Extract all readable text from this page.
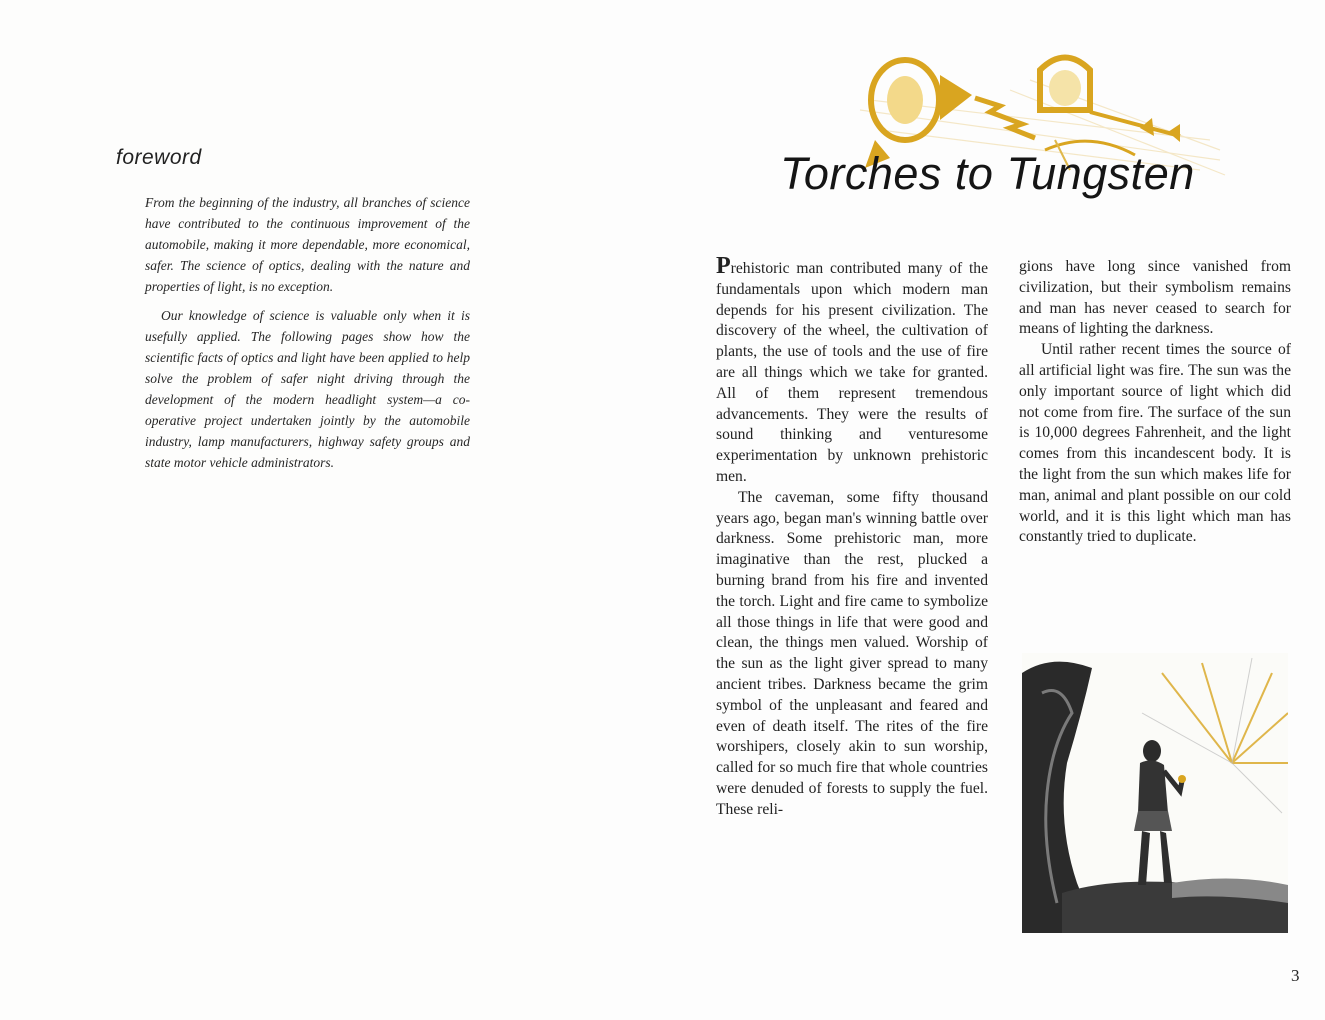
foreword

From the beginning of the industry, all branches of science have contributed to the continuous improvement of the automobile, making it more dependable, more economical, safer. The science of optics, dealing with the nature and properties of light, is no exception.

Our knowledge of science is valuable only when it is usefully applied. The following pages show how the scientific facts of optics and light have been applied to help solve the problem of safer night driving through the development of the modern headlight system—a co-operative project undertaken jointly by the automobile industry, lamp manufacturers, highway safety groups and state motor vehicle administrators.

Torches to Tungsten

Prehistoric man contributed many of the fundamentals upon which modern man depends for his present civilization. The discovery of the wheel, the cultivation of plants, the use of tools and the use of fire are all things which we take for granted. All of them represent tremendous advancements. They were the results of sound thinking and venturesome experimentation by unknown prehistoric men.

The caveman, some fifty thousand years ago, began man's winning battle over darkness. Some prehistoric man, more imaginative than the rest, plucked a burning brand from his fire and invented the torch. Light and fire came to symbolize all those things in life that were good and clean, the things men valued. Worship of the sun as the light giver spread to many ancient tribes. Darkness became the grim symbol of the unpleasant and feared and even of death itself. The rites of the fire worshipers, closely akin to sun worship, called for so much fire that whole countries were denuded of forests to supply the fuel. These reli-

gions have long since vanished from civilization, but their symbolism remains and man has never ceased to search for means of lighting the darkness.

Until rather recent times the source of all artificial light was fire. The sun was the only important source of light which did not come from fire. The surface of the sun is 10,000 degrees Fahrenheit, and the light comes from this incandescent body. It is the light from the sun which makes life for man, animal and plant possible on our cold world, and it is this light which man has constantly tried to duplicate.

3
